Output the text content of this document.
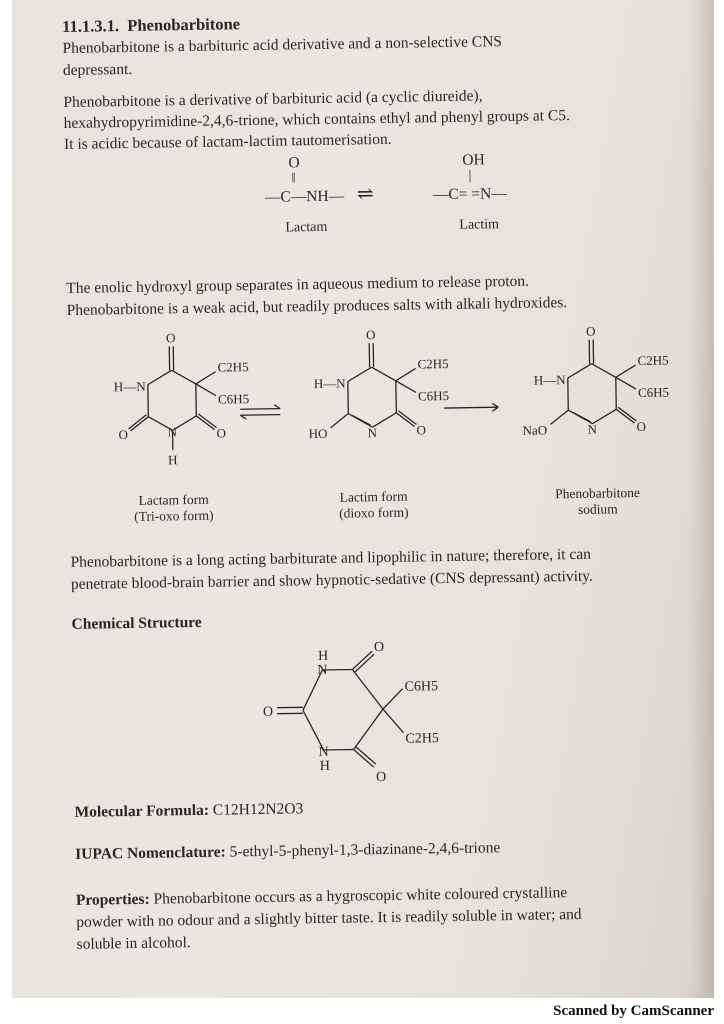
11.1.3.1. Phenobarbitone
Phenobarbitone is a barbituric acid derivative and a non-selective CNS
depressant.
Phenobarbitone is a derivative of barbituric acid (a cyclic diureide),
hexahydropyrimidine-2,4,6-trione, which contains ethyl and phenyl groups at C5.
It is acidic because of lactam-lactim tautomerisation.
O
‖
—C—NH— ⇌
OH
|
—C= =N—
Lactam	Lactim
The enolic hydroxyl group separates in aqueous medium to release proton.
Phenobarbitone is a weak acid, but readily produces salts with alkali hydroxides.
O
C2H5
C6H5
H—N
O
O	N
H
O
C2H5
C6H5
H—N
O
HO	N
O
C2H5
C6H5
H—N
O
NaO	N
Lactam form
(Tri-oxo form)
Lactim form
(dioxo form)
Phenobarbitone
sodium
Phenobarbitone is a long acting barbiturate and lipophilic in nature; therefore, it can
penetrate blood-brain barrier and show hypnotic-sedative (CNS depressant) activity.
Chemical Structure
H
N
O
O
N
H
O
C6H5
C2H5
Molecular Formula: C12H12N2O3
IUPAC Nomenclature: 5-ethyl-5-phenyl-1,3-diazinane-2,4,6-trione
Properties: Phenobarbitone occurs as a hygroscopic white coloured crystalline
powder with no odour and a slightly bitter taste. It is readily soluble in water; and
soluble in alcohol.
Scanned by CamScanner
